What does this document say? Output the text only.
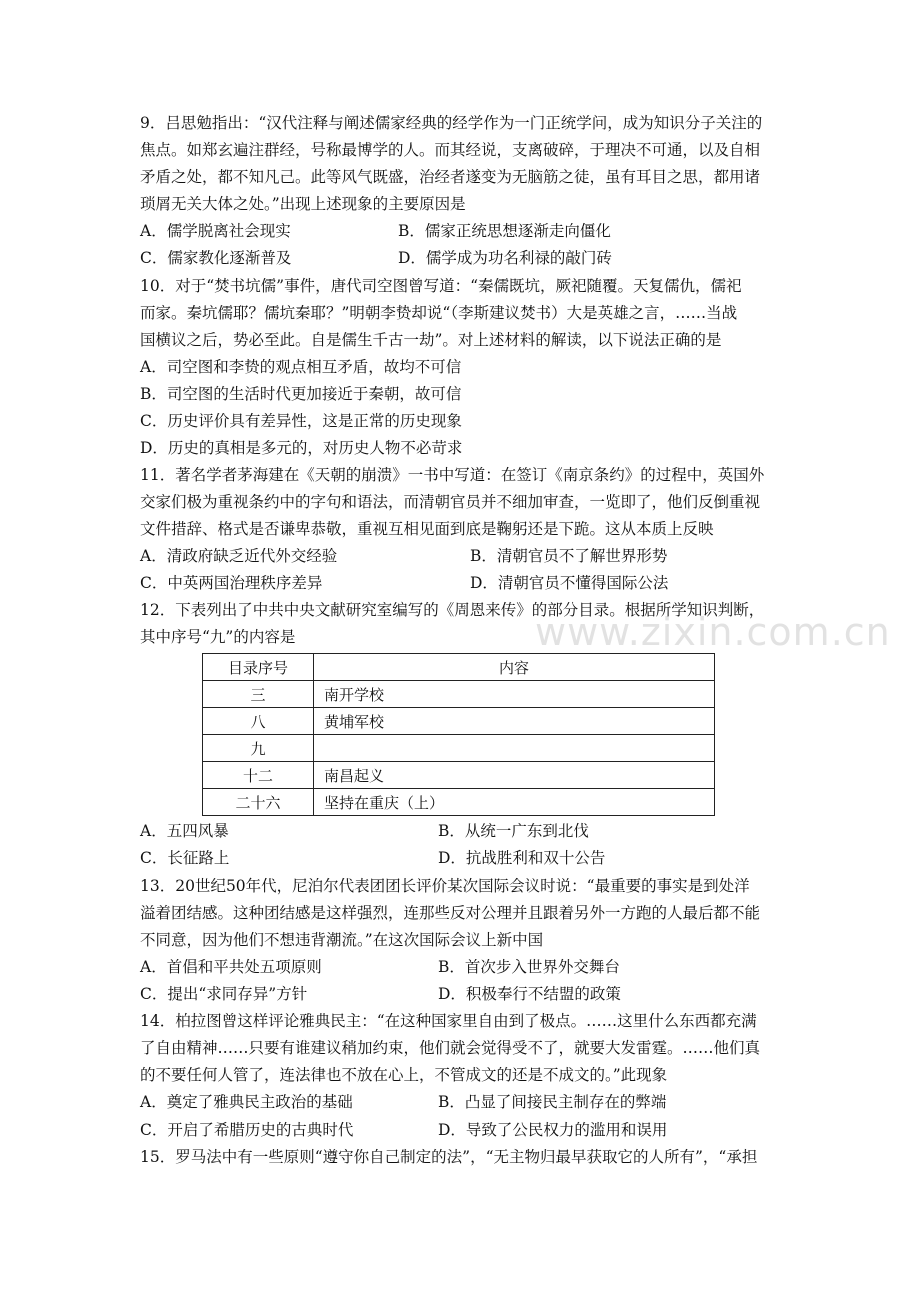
www.zixin.com.cn
9．吕思勉指出：“汉代注释与阐述儒家经典的经学作为一门正统学问，成为知识分子关注的
焦点。如郑玄遍注群经，号称最博学的人。而其经说，支离破碎，于理决不可通，以及自相
矛盾之处，都不知凡己。此等风气既盛，治经者遂变为无脑筋之徒，虽有耳目之思，都用诸
琐屑无关大体之处。”出现上述现象的主要原因是
A．儒学脱离社会现实	B．儒家正统思想逐渐走向僵化
C．儒家教化逐渐普及	D．儒学成为功名利禄的敲门砖
10．对于“焚书坑儒”事件，唐代司空图曾写道：“秦儒既坑，厥祀随覆。天复儒仇，儒祀
而家。秦坑儒耶？儒坑秦耶？”明朝李贽却说“（李斯建议焚书）大是英雄之言，……当战
国横议之后，势必至此。自是儒生千古一劫”。对上述材料的解读，以下说法正确的是
A．司空图和李贽的观点相互矛盾，故均不可信
B．司空图的生活时代更加接近于秦朝，故可信
C．历史评价具有差异性，这是正常的历史现象
D．历史的真相是多元的，对历史人物不必苛求
11．著名学者茅海建在《天朝的崩溃》一书中写道：在签订《南京条约》的过程中，英国外
交家们极为重视条约中的字句和语法，而清朝官员并不细加审查，一览即了，他们反倒重视
文件措辞、格式是否谦卑恭敬，重视互相见面到底是鞠躬还是下跪。这从本质上反映
A．清政府缺乏近代外交经验	B．清朝官员不了解世界形势
C．中英两国治理秩序差异	D．清朝官员不懂得国际公法
12．下表列出了中共中央文献研究室编写的《周恩来传》的部分目录。根据所学知识判断，
其中序号“九”的内容是
目录序号	内容
三	南开学校
八	黄埔军校
九	
十二	南昌起义
二十六	坚持在重庆（上）
A．五四风暴	B．从统一广东到北伐
C．长征路上	D．抗战胜利和双十公告
13．20世纪50年代，尼泊尔代表团团长评价某次国际会议时说：“最重要的事实是到处洋
溢着团结感。这种团结感是这样强烈，连那些反对公理并且跟着另外一方跑的人最后都不能
不同意，因为他们不想违背潮流。”在这次国际会议上新中国
A．首倡和平共处五项原则	B．首次步入世界外交舞台
C．提出“求同存异”方针	D．积极奉行不结盟的政策
14．柏拉图曾这样评论雅典民主：“在这种国家里自由到了极点。……这里什么东西都充满
了自由精神……只要有谁建议稍加约束，他们就会觉得受不了，就要大发雷霆。……他们真
的不要任何人管了，连法律也不放在心上，不管成文的还是不成文的。”此现象
A．奠定了雅典民主政治的基础	B．凸显了间接民主制存在的弊端
C．开启了希腊历史的古典时代	D．导致了公民权力的滥用和误用
15．罗马法中有一些原则“遵守你自己制定的法”，“无主物归最早获取它的人所有”，“承担
